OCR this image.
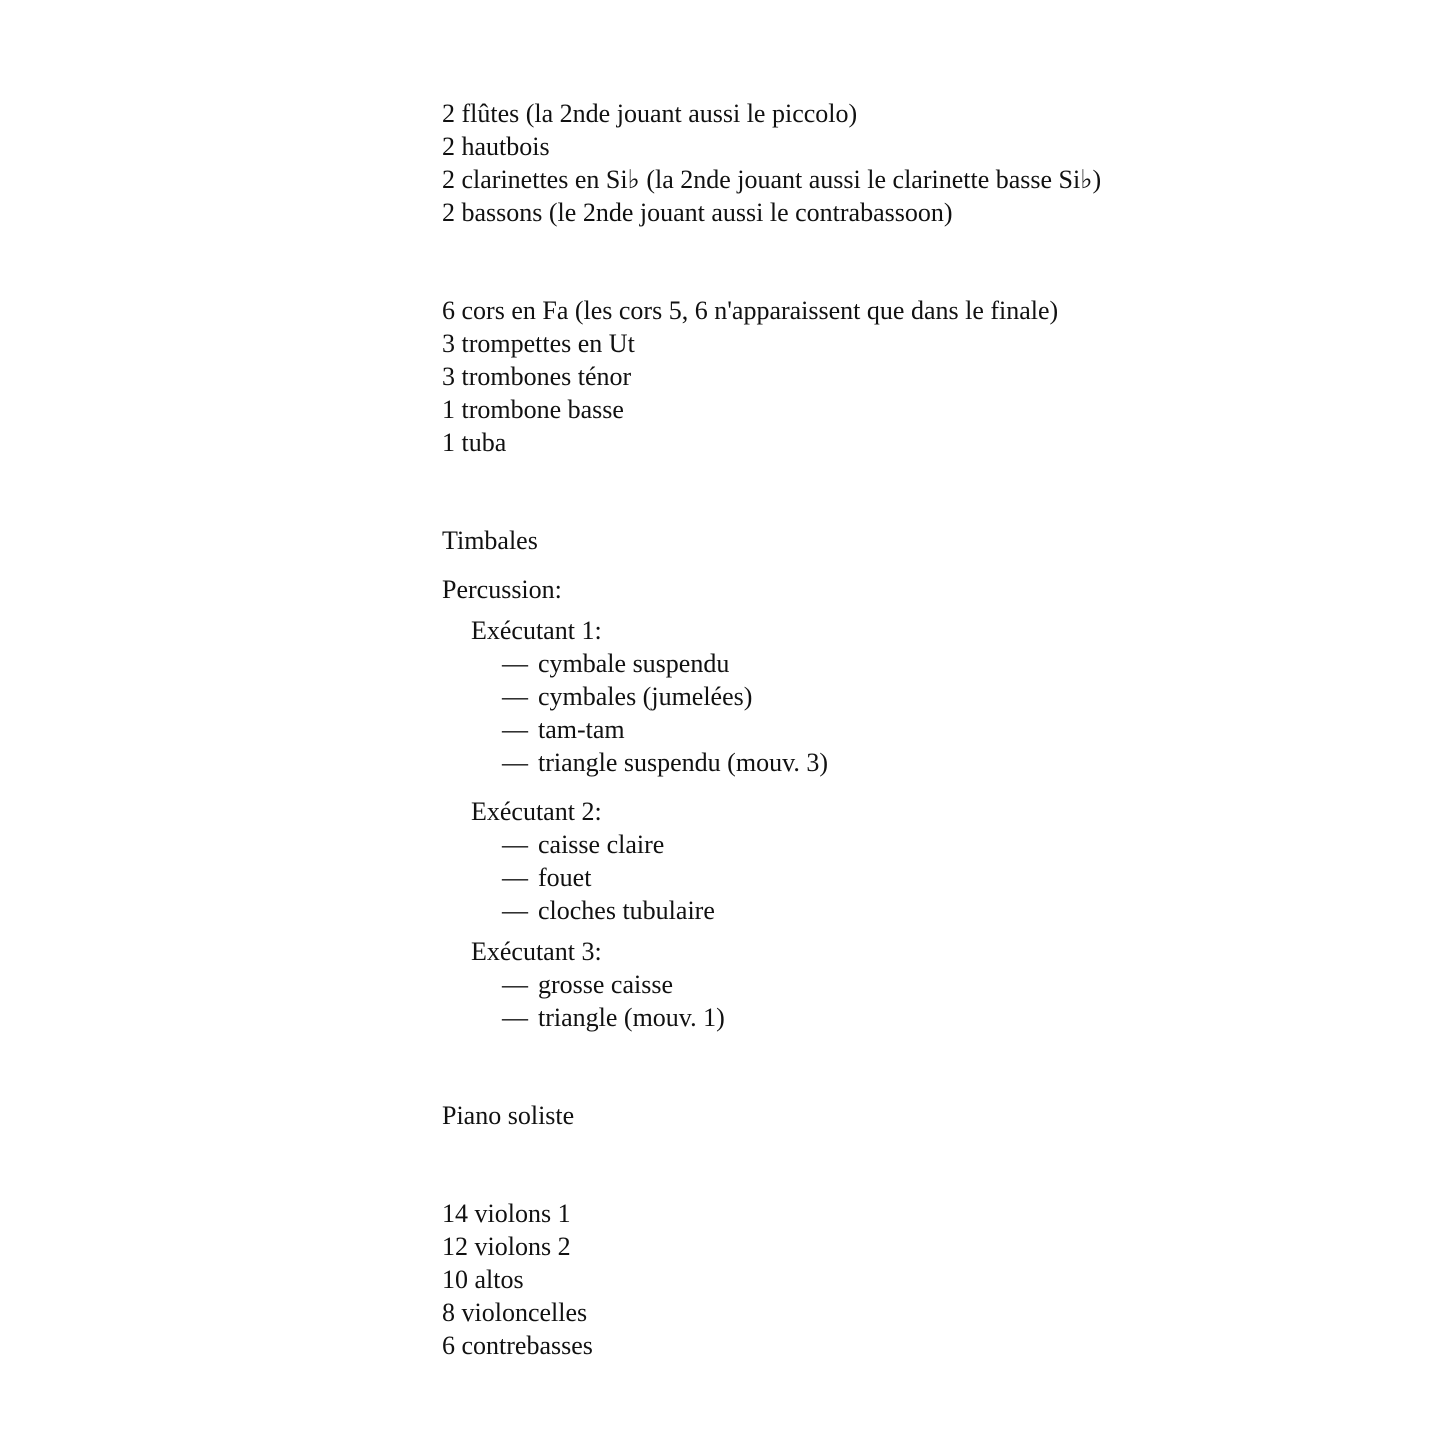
2 flûtes (la 2nde jouant aussi le piccolo)
2 hautbois
2 clarinettes en Si♭ (la 2nde jouant aussi le clarinette basse Si♭)
2 bassons (le 2nde jouant aussi le contrabassoon)
6 cors en Fa (les cors 5, 6 n'apparaissent que dans le finale)
3 trompettes en Ut
3 trombones ténor
1 trombone basse
1 tuba
Timbales
Percussion:
Exécutant 1:
— cymbale suspendu
— cymbales (jumelées)
— tam-tam
— triangle suspendu (mouv. 3)
Exécutant 2:
— caisse claire
— fouet
— cloches tubulaire
Exécutant 3:
— grosse caisse
— triangle (mouv. 1)
Piano soliste
14 violons 1
12 violons 2
10 altos
8 violoncelles
6 contrebasses
